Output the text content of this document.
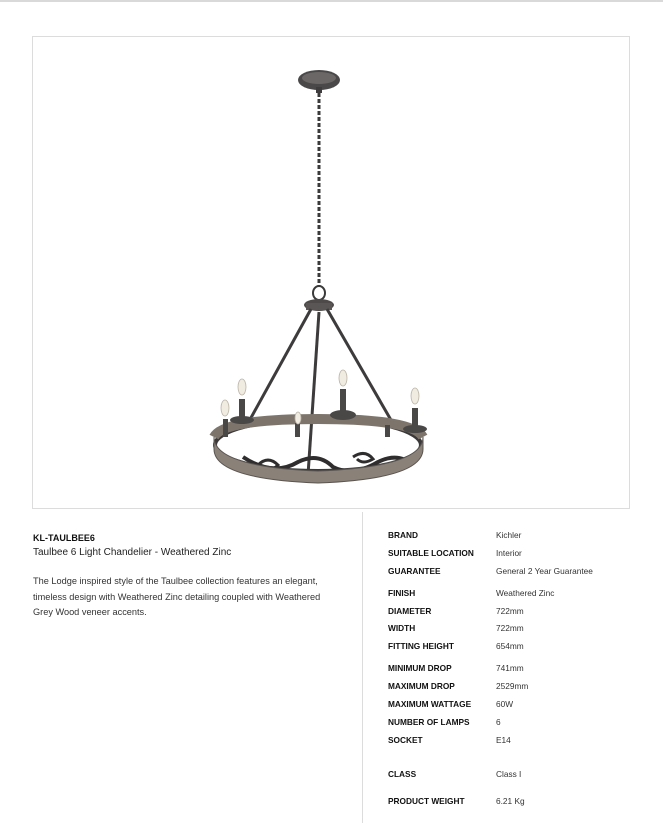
KL-TAULBEE6
Taulbee 6 Light Chandelier - Weathered Zinc
The Lodge inspired style of the Taulbee collection features an elegant, timeless design with Weathered Zinc detailing coupled with Weathered Grey Wood veneer accents.
BRAND	Kichler
SUITABLE LOCATION	Interior
GUARANTEE	General 2 Year Guarantee
FINISH	Weathered Zinc
DIAMETER	722mm
WIDTH	722mm
FITTING HEIGHT	654mm
MINIMUM DROP	741mm
MAXIMUM DROP	2529mm
MAXIMUM WATTAGE	60W
NUMBER OF LAMPS	6
SOCKET	E14
CLASS	Class I
PRODUCT WEIGHT	6.21 Kg
